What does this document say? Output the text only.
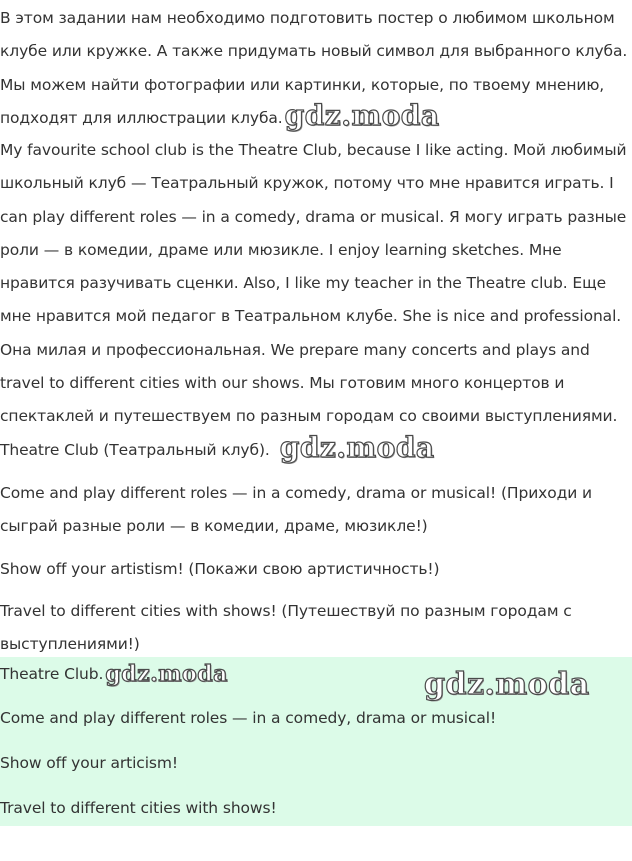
В этом задании нам необходимо подготовить постер о любимом школьном клубе или кружке. А также придумать новый символ для выбранного клуба. Мы можем найти фотографии или картинки, которые, по твоему мнению, подходят для иллюстрации клуба.gdz.moda

My favourite school club is the Theatre Club, because I like acting. Мой любимый школьный клуб — Театральный кружок, потому что мне нравится играть. I can play different roles — in a comedy, drama or musical. Я могу играть разные роли — в комедии, драме или мюзикле. I enjoy learning sketches. Мне нравится разучивать сценки. Also, I like my teacher in the Theatre club. Еще мне нравится мой педагог в Театральном клубе. She is nice and professional. Она милая и профессиональная. We prepare many concerts and plays and travel to different cities with our shows. Мы готовим много концертов и спектаклей и путешествуем по разным городам со своими выступлениями.

Theatre Club (Театральный клуб). gdz.moda

Come and play different roles — in a comedy, drama or musical! (Приходи и сыграй разные роли — в комедии, драме, мюзикле!)

Show off your artistism! (Покажи свою артистичность!)

Travel to different cities with shows! (Путешествуй по разным городам с выступлениями!)

Theatre Club.gdz.moda	gdz.moda

Come and play different roles — in a comedy, drama or musical!

Show off your articism!

Travel to different cities with shows!
